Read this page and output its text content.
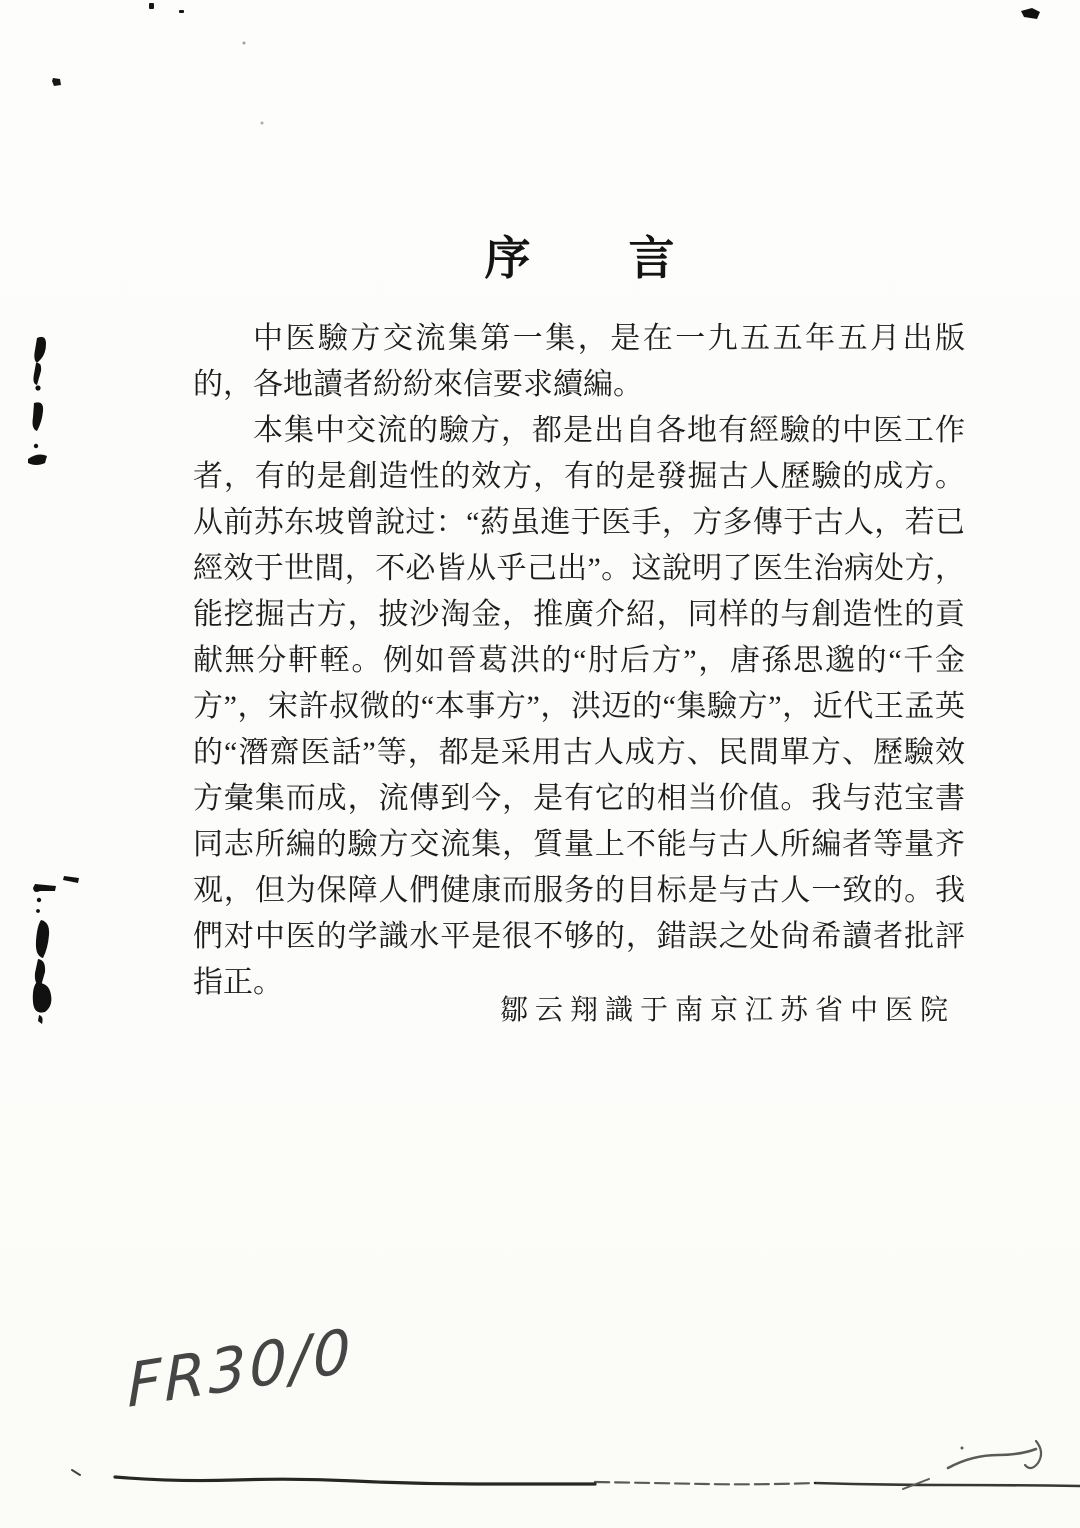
序　　言

中医驗方交流集第一集，是在一九五五年五月出版的，各地讀者紛紛來信要求續編。

本集中交流的驗方，都是出自各地有經驗的中医工作者，有的是創造性的效方，有的是發掘古人歷驗的成方。从前苏东坡曾說过：“葯虽進于医手，方多傳于古人，若已經效于世間，不必皆从乎己出”。这說明了医生治病处方，能挖掘古方，披沙淘金，推廣介紹，同样的与創造性的貢献無分軒輊。例如晉葛洪的“肘后方”，唐孫思邈的“千金方”，宋許叔微的“本事方”，洪迈的“集驗方”，近代王孟英的“潛齋医話”等，都是采用古人成方、民間單方、歷驗效方彙集而成，流傳到今，是有它的相当价值。我与范宝書同志所編的驗方交流集，質量上不能与古人所編者等量齐观，但为保障人們健康而服务的目标是与古人一致的。我們对中医的学識水平是很不够的，錯誤之处尙希讀者批評指正。

鄒云翔識于南京江苏省中医院
FR30/0
